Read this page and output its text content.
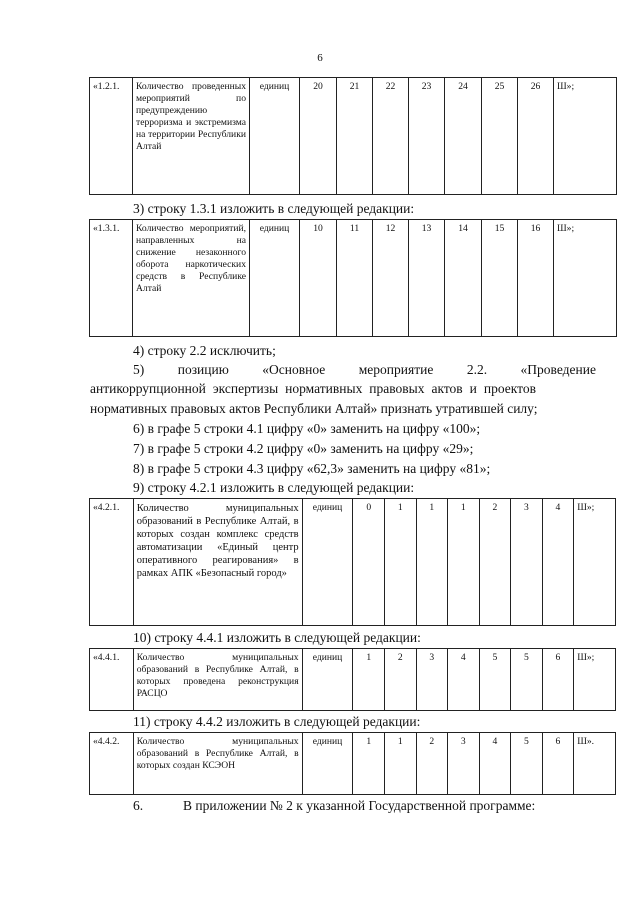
6
«1.2.1.	Количество проведенных мероприятий по предупреждению терроризма и экстремизма на территории Республики Алтай	единиц	20	21	22	23	24	25	26	Ш»;
3) строку 1.3.1 изложить в следующей редакции:
«1.3.1.	Количество мероприятий, направленных на снижение незаконного оборота наркотических средств в Республике Алтай	единиц	10	11	12	13	14	15	16	Ш»;
4) строку 2.2 исключить;
5) позицию «Основное мероприятие 2.2. «Проведение
антикоррупционной экспертизы нормативных правовых актов и проектов
нормативных правовых актов Республики Алтай» признать утратившей силу;
6) в графе 5 строки 4.1 цифру «0» заменить на цифру «100»;
7) в графе 5 строки 4.2 цифру «0» заменить на цифру «29»;
8) в графе 5 строки 4.3 цифру «62,3» заменить на цифру «81»;
9) строку 4.2.1 изложить в следующей редакции:
«4.2.1.	Количество муниципальных образований в Республике Алтай, в которых создан комплекс средств автоматизации «Единый центр оперативного реагирования» в рамках АПК «Безопасный город»	единиц	0	1	1	1	2	3	4	Ш»;
10) строку 4.4.1 изложить в следующей редакции:
«4.4.1.	Количество муниципальных образований в Республике Алтай, в которых проведена реконструкция РАСЦО	единиц	1	2	3	4	5	5	6	Ш»;
11) строку 4.4.2 изложить в следующей редакции:
«4.4.2.	Количество муниципальных образований в Республике Алтай, в которых создан КСЭОН	единиц	1	1	2	3	4	5	6	Ш».
6.	В приложении № 2 к указанной Государственной программе:
